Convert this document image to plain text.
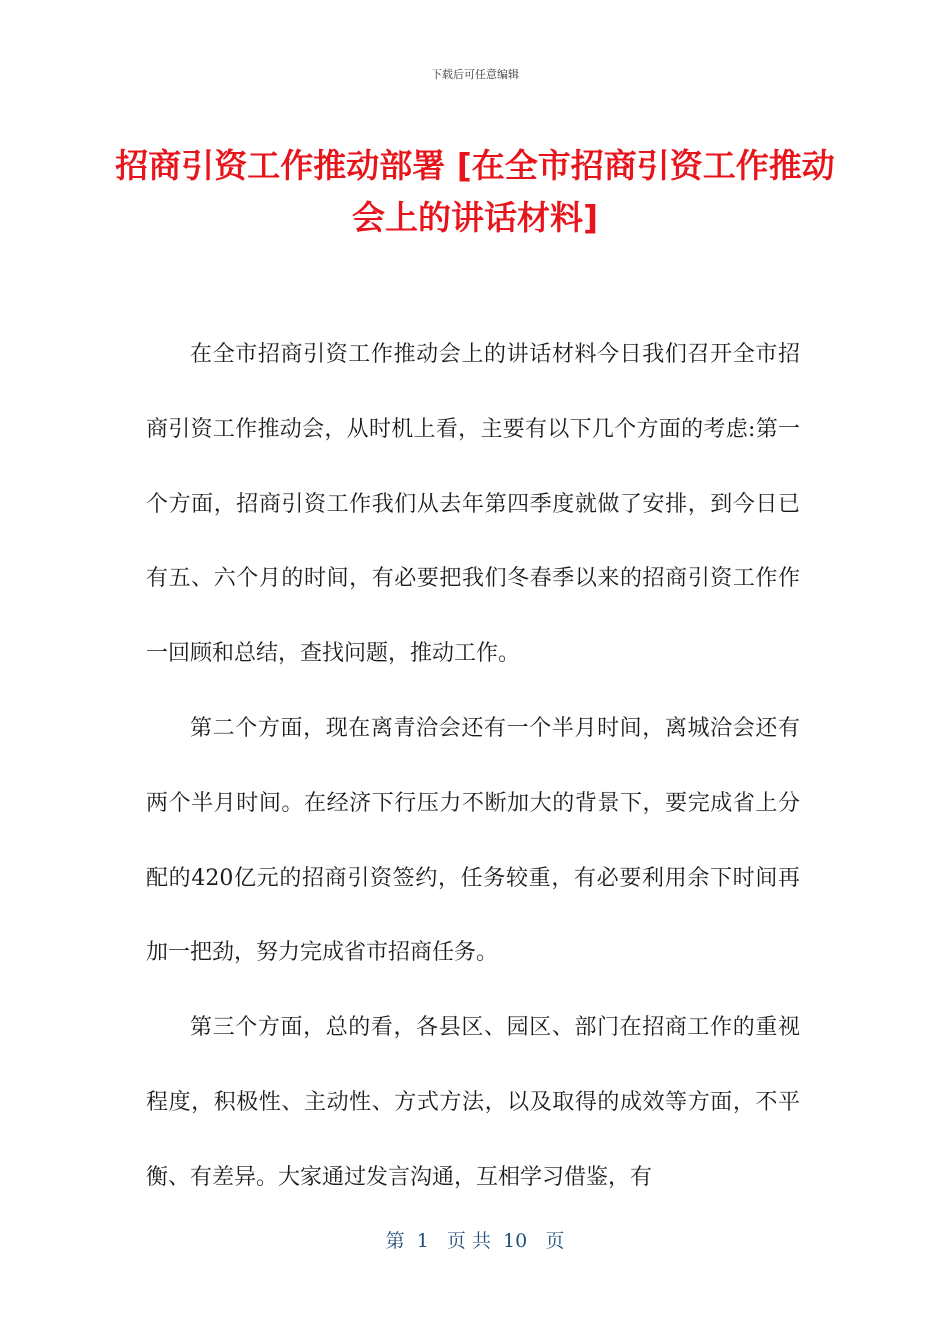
下载后可任意编辑
招商引资工作推动部署 [在全市招商引资工作推动会上的讲话材料]

在全市招商引资工作推动会上的讲话材料今日我们召开全市招商引资工作推动会，从时机上看，主要有以下几个方面的考虑:第一个方面，招商引资工作我们从去年第四季度就做了安排，到今日已有五、六个月的时间，有必要把我们冬春季以来的招商引资工作作一回顾和总结，查找问题，推动工作。

第二个方面，现在离青洽会还有一个半月时间，离城洽会还有两个半月时间。在经济下行压力不断加大的背景下，要完成省上分配的420亿元的招商引资签约，任务较重，有必要利用余下时间再加一把劲，努力完成省市招商任务。

第三个方面，总的看，各县区、园区、部门在招商工作的重视程度，积极性、主动性、方式方法，以及取得的成效等方面，不平衡、有差异。大家通过发言沟通，互相学习借鉴，有

第  1   页 共  10   页
